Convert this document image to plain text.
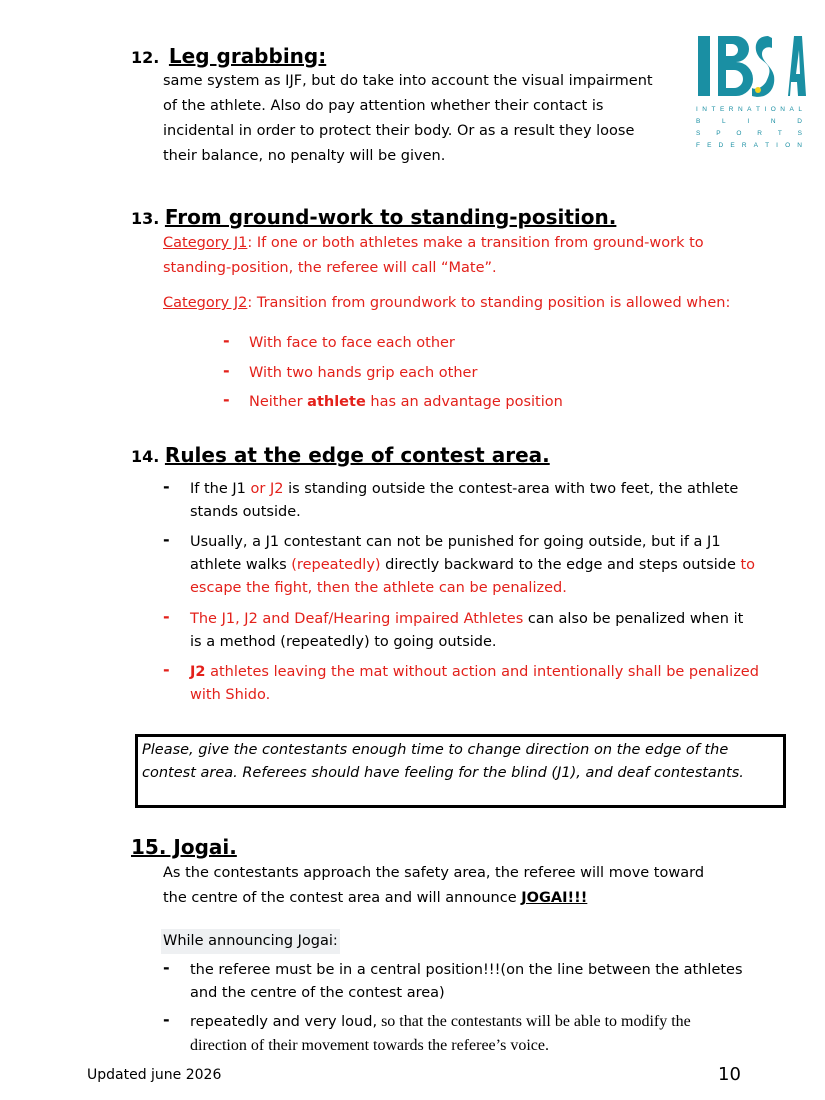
I N T E R N A T I O N A L
B	L	I	N	D
S P O R T S
F E D E R A T I O N
12. Leg grabbing:
same system as IJF, but do take into account the visual impairment
of the athlete. Also do pay attention whether their contact is
incidental in order to protect their body. Or as a result they loose
their balance, no penalty will be given.
13. From ground-work to standing-position.
Category J1: If one or both athletes make a transition from ground-work to
standing-position, the referee will call “Mate”.
Category J2: Transition from groundwork to standing position is allowed when:
- With face to face each other
- With two hands grip each other
- Neither athlete has an advantage position
14. Rules at the edge of contest area.
- If the J1 or J2 is standing outside the contest-area with two feet, the athlete
stands outside.
- Usually, a J1 contestant can not be punished for going outside, but if a J1
athlete walks (repeatedly) directly backward to the edge and steps outside to
escape the fight, then the athlete can be penalized.
- The J1, J2 and Deaf/Hearing impaired Athletes can also be penalized when it
is a method (repeatedly) to going outside.
- J2 athletes leaving the mat without action and intentionally shall be penalized
with Shido.
Please, give the contestants enough time to change direction on the edge of the
contest area. Referees should have feeling for the blind (J1), and deaf contestants.
15. Jogai.
As the contestants approach the safety area, the referee will move toward
the centre of the contest area and will announce JOGAI!!!
While announcing Jogai:
- the referee must be in a central position!!!(on the line between the athletes
and the centre of the contest area)
- repeatedly and very loud, so that the contestants will be able to modify the
direction of their movement towards the referee’s voice.
Updated june 2026	10
